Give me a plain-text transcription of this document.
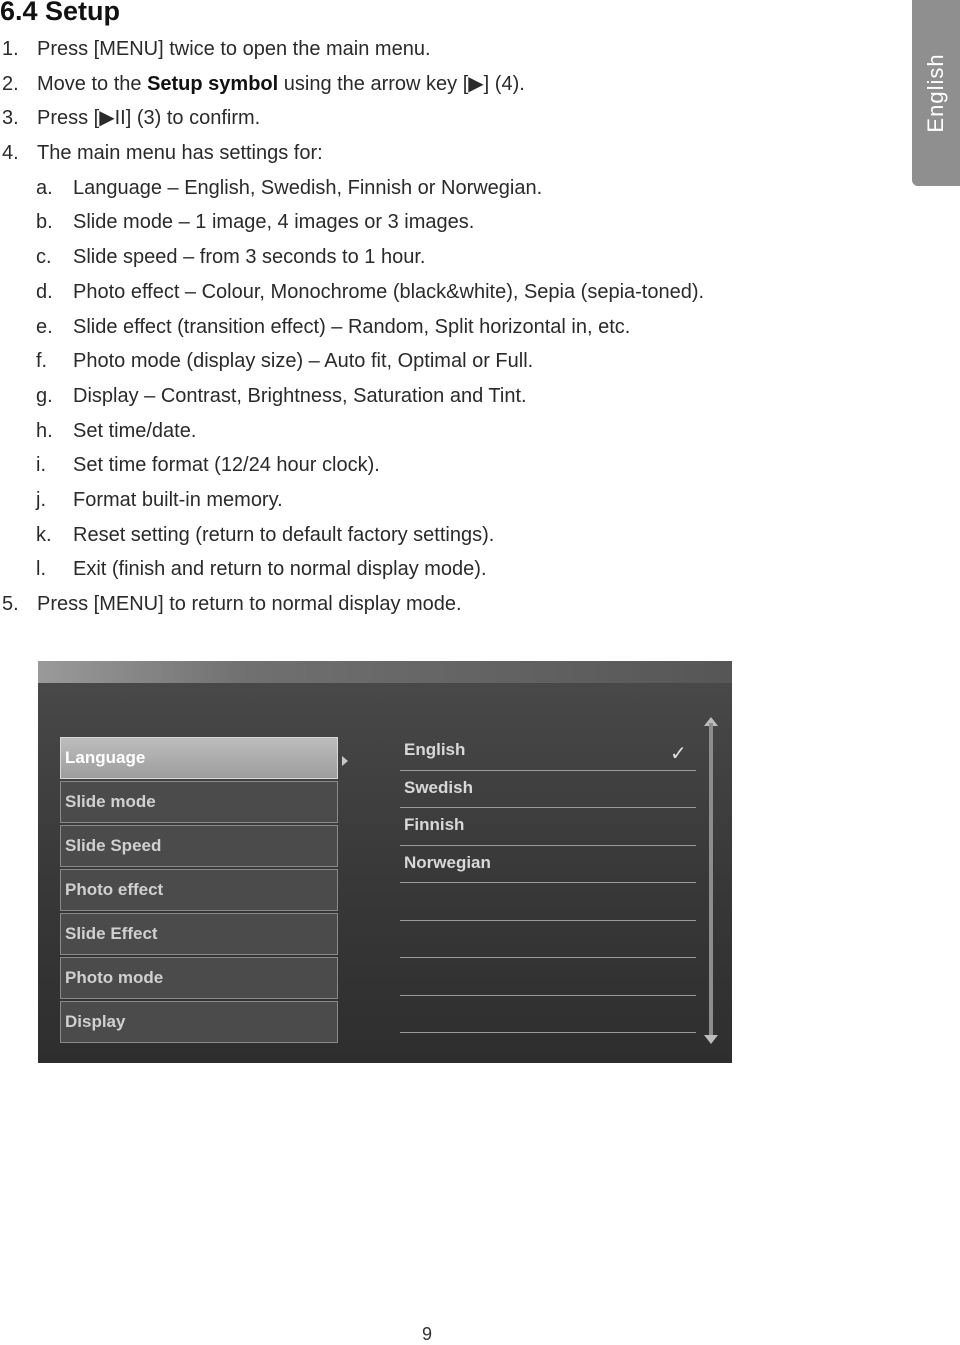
6.4 Setup
English
1. Press [MENU] twice to open the main menu.
2. Move to the Setup symbol using the arrow key [▶] (4).
3. Press [▶II] (3) to confirm.
4. The main menu has settings for:
a. Language – English, Swedish, Finnish or Norwegian.
b. Slide mode – 1 image, 4 images or 3 images.
c. Slide speed – from 3 seconds to 1 hour.
d. Photo effect – Colour, Monochrome (black&white), Sepia (sepia-toned).
e. Slide effect (transition effect) – Random, Split horizontal in, etc.
f. Photo mode (display size) – Auto fit, Optimal or Full.
g. Display – Contrast, Brightness, Saturation and Tint.
h. Set time/date.
i. Set time format (12/24 hour clock).
j. Format built-in memory.
k. Reset setting (return to default factory settings).
l. Exit (finish and return to normal display mode).
5. Press [MENU] to return to normal display mode.
Language
Slide mode
Slide Speed
Photo effect
Slide Effect
Photo mode
Display
English
Swedish
Finnish
Norwegian
✓
9
